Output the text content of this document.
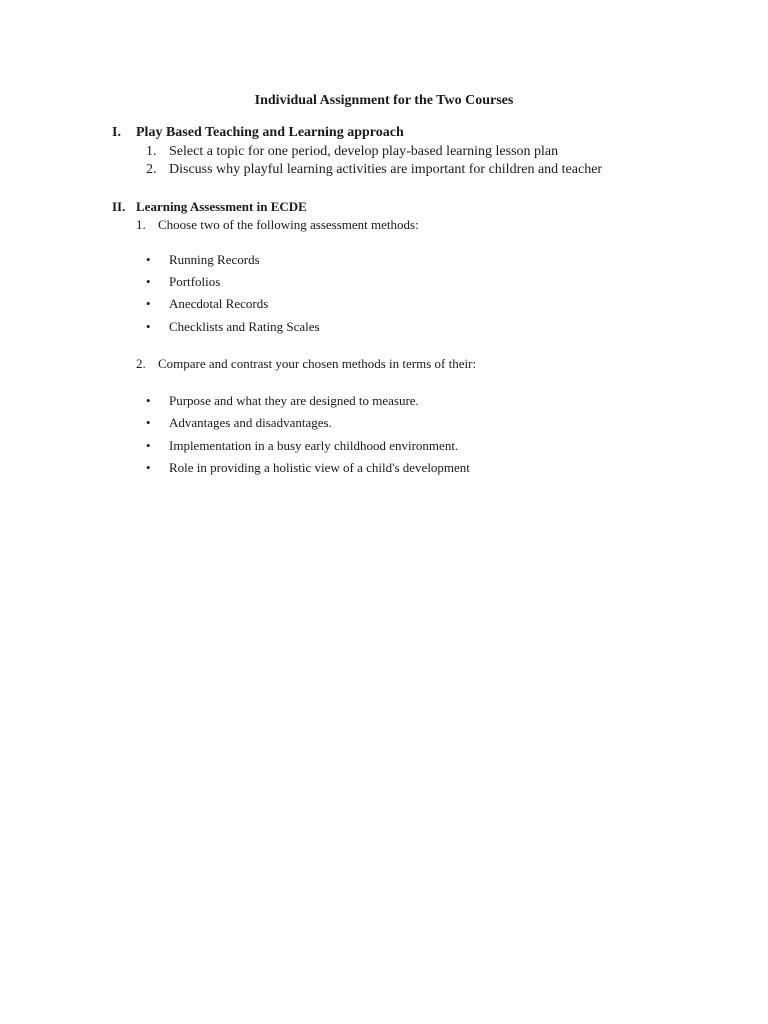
Individual Assignment for the Two Courses
I. Play Based Teaching and Learning approach
1. Select a topic for one period, develop play-based learning lesson plan
2. Discuss why playful learning activities are important for children and teacher
II. Learning Assessment in ECDE
1. Choose two of the following assessment methods:
• Running Records
• Portfolios
• Anecdotal Records
• Checklists and Rating Scales
2. Compare and contrast your chosen methods in terms of their:
• Purpose and what they are designed to measure.
• Advantages and disadvantages.
• Implementation in a busy early childhood environment.
• Role in providing a holistic view of a child's development
